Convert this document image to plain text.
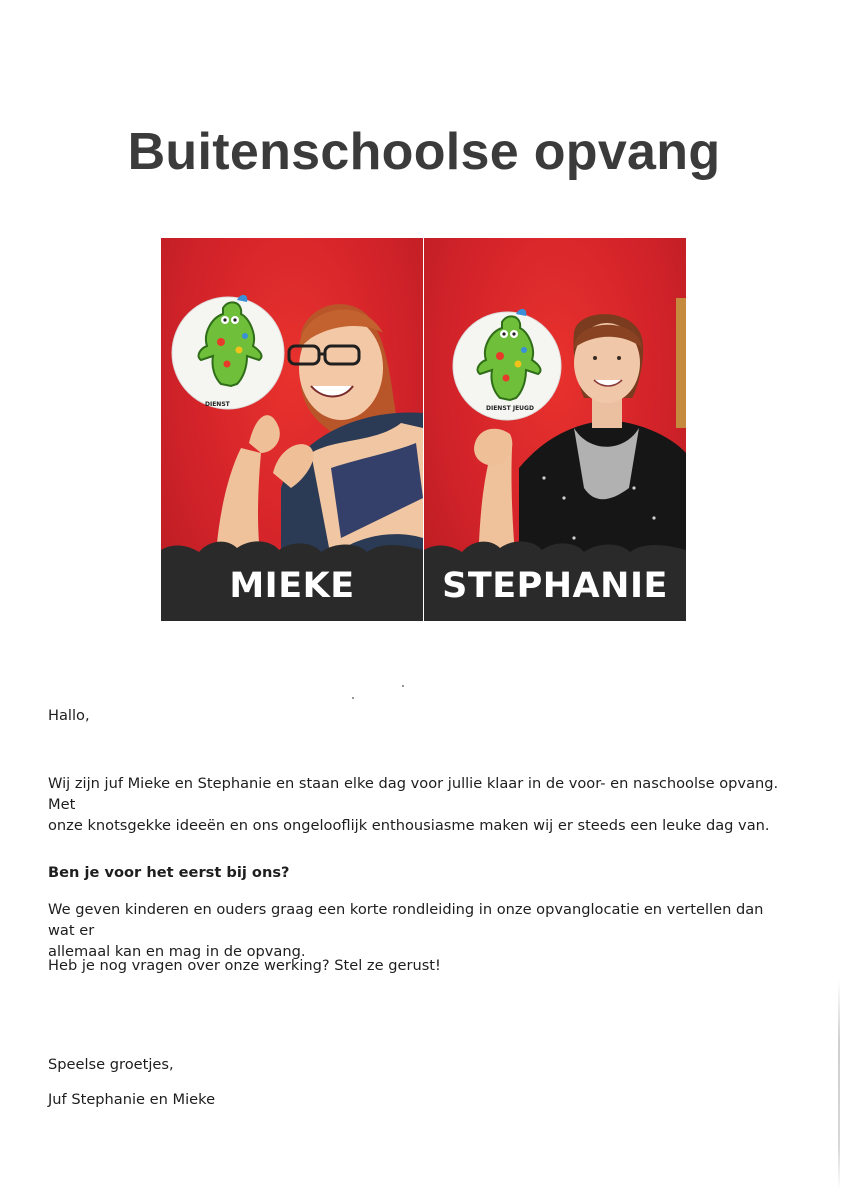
Buitenschoolse opvang
DIENST
MIEKE
DIENST JEUGD
STEPHANIE

Hallo,

Wij zijn juf Mieke en Stephanie en staan elke dag voor jullie klaar in de voor- en naschoolse opvang. Met

onze knotsgekke ideeën en ons ongelooflijk enthousiasme maken wij er steeds een leuke dag van.

Ben je voor het eerst bij ons?

We geven kinderen en ouders graag een korte rondleiding in onze opvanglocatie en vertellen dan wat er

allemaal kan en mag in de opvang.

Heb je nog vragen over onze werking? Stel ze gerust!

Speelse groetjes,

Juf Stephanie en Mieke
